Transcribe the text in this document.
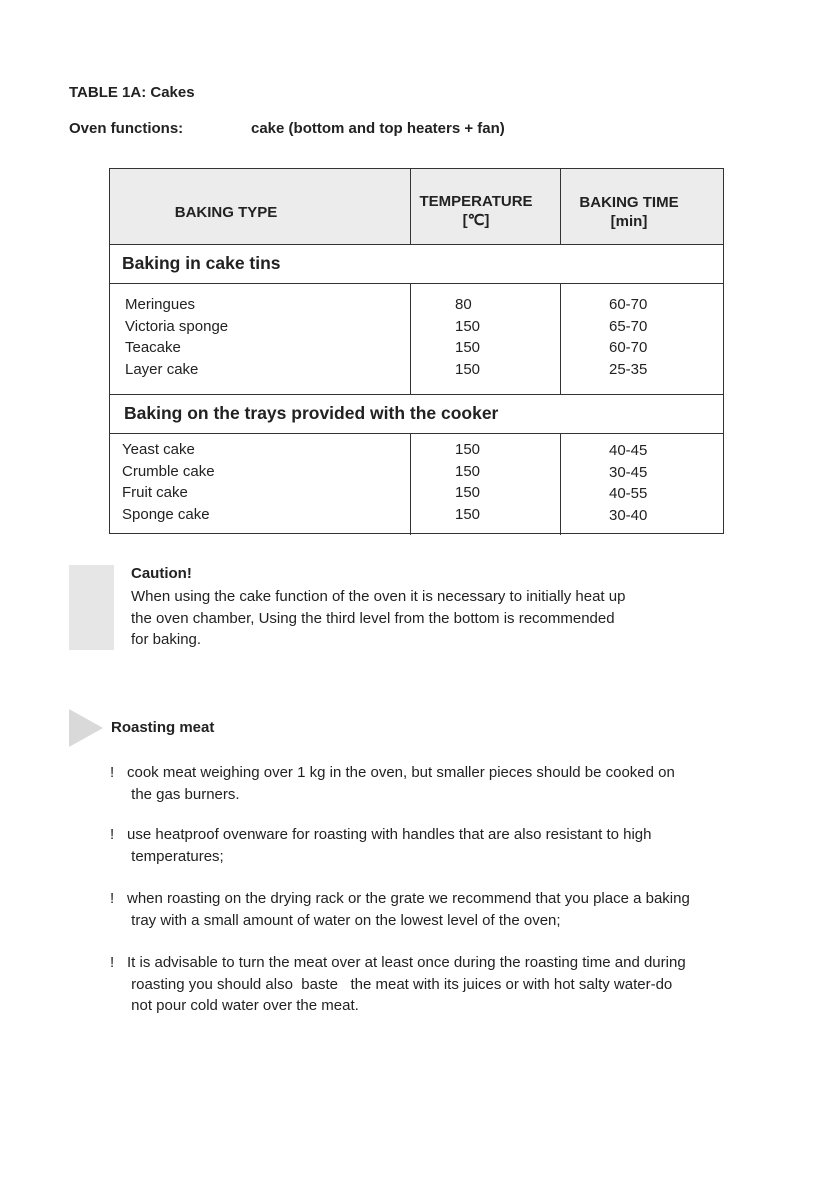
TABLE 1A: Cakes
Oven functions:	cake (bottom and top heaters + fan)
BAKING TYPE
TEMPERATURE
[℃]
BAKING TIME
[min]
Baking in cake tins
Meringues
Victoria sponge
Teacake
Layer cake
80
150
150
150
60-70
65-70
60-70
25-35
Baking on the trays provided with the cooker
Yeast cake
Crumble cake
Fruit cake
Sponge cake
150
150
150
150
40-45
30-45
40-55
30-40
Caution!
When using the cake function of the oven it is necessary to initially heat up
the oven chamber, Using the third level from the bottom is recommended
for baking.
Roasting meat
! cook meat weighing over 1 kg in the oven, but smaller pieces should be cooked on
the gas burners.
! use heatproof ovenware for roasting with handles that are also resistant to high
temperatures;
! when roasting on the drying rack or the grate we recommend that you place a baking
tray with a small amount of water on the lowest level of the oven;
! It is advisable to turn the meat over at least once during the roasting time and during
roasting you should also  baste   the meat with its juices or with hot salty water-do
not pour cold water over the meat.
